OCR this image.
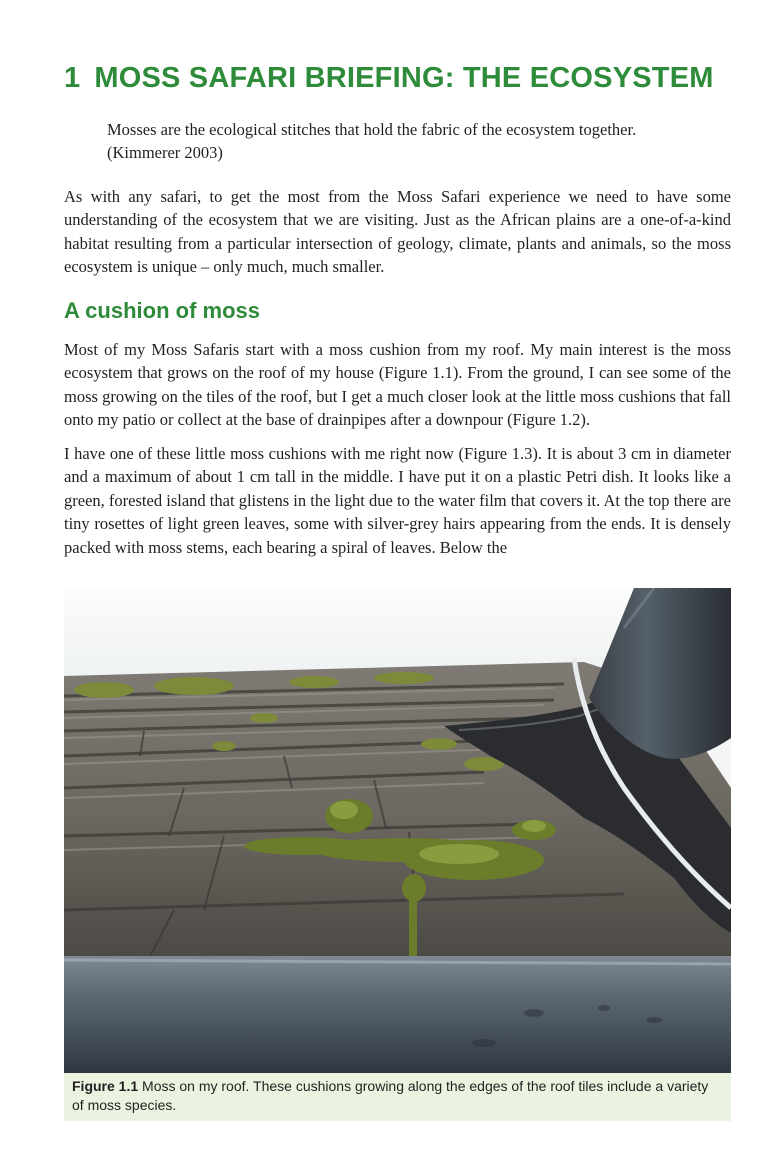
1 MOSS SAFARI BRIEFING: THE ECOSYSTEM

Mosses are the ecological stitches that hold the fabric of the ecosystem together.
(Kimmerer 2003)

As with any safari, to get the most from the Moss Safari experience we need to have some understanding of the ecosystem that we are visiting. Just as the African plains are a one-of-a-kind habitat resulting from a particular intersection of geology, climate, plants and animals, so the moss ecosystem is unique – only much, much smaller.

A cushion of moss

Most of my Moss Safaris start with a moss cushion from my roof. My main interest is the moss ecosystem that grows on the roof of my house (Figure 1.1). From the ground, I can see some of the moss growing on the tiles of the roof, but I get a much closer look at the little moss cushions that fall onto my patio or collect at the base of drainpipes after a downpour (Figure 1.2).

I have one of these little moss cushions with me right now (Figure 1.3). It is about 3 cm in diameter and a maximum of about 1 cm tall in the middle. I have put it on a plastic Petri dish. It looks like a green, forested island that glistens in the light due to the water film that covers it. At the top there are tiny rosettes of light green leaves, some with silver-grey hairs appearing from the ends. It is densely packed with moss stems, each bearing a spiral of leaves. Below the

Figure 1.1 Moss on my roof. These cushions growing along the edges of the roof tiles include a variety of moss species.
